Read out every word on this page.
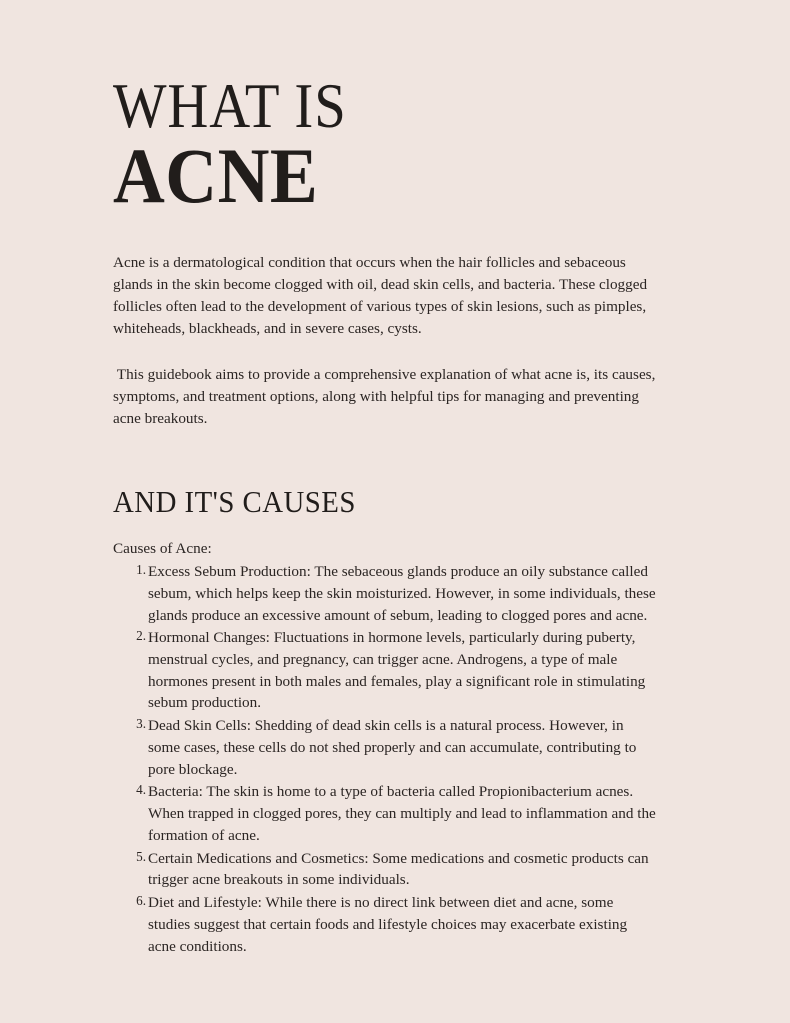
WHAT IS
ACNE

Acne is a dermatological condition that occurs when the hair follicles and sebaceous glands in the skin become clogged with oil, dead skin cells, and bacteria. These clogged follicles often lead to the development of various types of skin lesions, such as pimples, whiteheads, blackheads, and in severe cases, cysts.

This guidebook aims to provide a comprehensive explanation of what acne is, its causes, symptoms, and treatment options, along with helpful tips for managing and preventing acne breakouts.

AND IT'S CAUSES

Causes of Acne:

Excess Sebum Production: The sebaceous glands produce an oily substance called sebum, which helps keep the skin moisturized. However, in some individuals, these glands produce an excessive amount of sebum, leading to clogged pores and acne.
Hormonal Changes: Fluctuations in hormone levels, particularly during puberty, menstrual cycles, and pregnancy, can trigger acne. Androgens, a type of male hormones present in both males and females, play a significant role in stimulating sebum production.
Dead Skin Cells: Shedding of dead skin cells is a natural process. However, in some cases, these cells do not shed properly and can accumulate, contributing to pore blockage.
Bacteria: The skin is home to a type of bacteria called Propionibacterium acnes. When trapped in clogged pores, they can multiply and lead to inflammation and the formation of acne.
Certain Medications and Cosmetics: Some medications and cosmetic products can trigger acne breakouts in some individuals.
Diet and Lifestyle: While there is no direct link between diet and acne, some studies suggest that certain foods and lifestyle choices may exacerbate existing acne conditions.
